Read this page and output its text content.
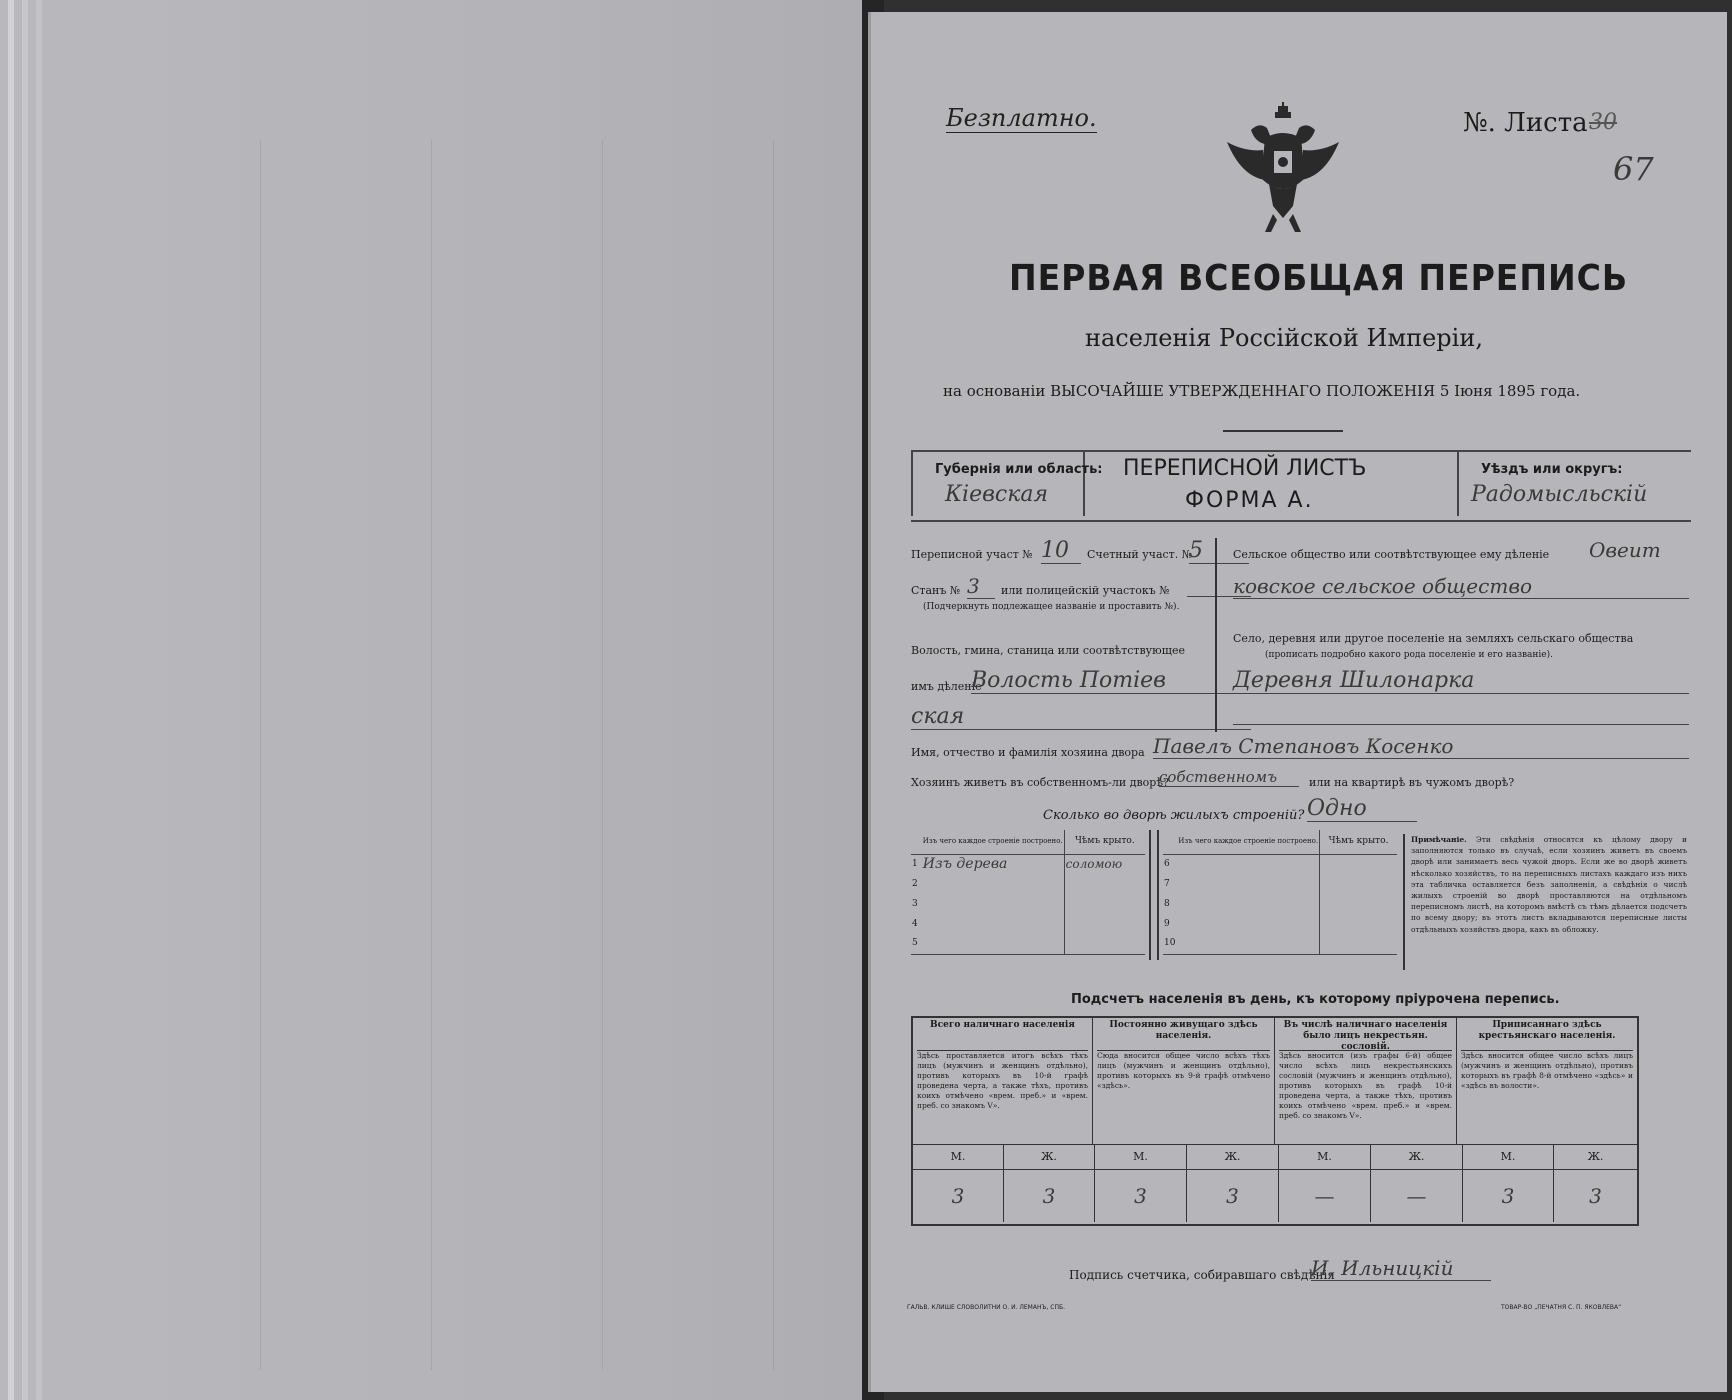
Безплатно.	№. Листа 30
67
ПЕРВАЯ ВСЕОБЩАЯ ПЕРЕПИСЬ
населенія Россійской Имперіи,
на основаніи ВЫСОЧАЙШЕ УТВЕРЖДЕННАГО ПОЛОЖЕНІЯ 5 Іюня 1895 года.
Губернія или область:
Кіевская
ПЕРЕПИСНОЙ ЛИСТЪ
ФОРМА А.
Уѣздъ или округъ:
Радомысльскій
Переписной участ № 10	Счетный участ. №
5
Станъ № 3	или полицейскій участокъ №
(Подчеркнуть подлежащее названіе и проставить №).
Волость, гмина, станица или соотвѣтствующее
имъ дѣленіе
Волость Потіев
ская
Сельское общество или соотвѣтствующее ему дѣленіе Овеит
ковское сельское общество
Село, деревня или другое поселеніе на земляхъ сельскаго общества
(прописать подробно какого рода поселеніе и его названіе).
Деревня Шилонарка
Имя, отчество и фамилія хозяина двора Павелъ Степановъ Косенко
Хозяинъ живетъ въ собственномъ-ли дворѣ?
собственномъ	или на квартирѣ въ чужомъ дворѣ?
Сколько во дворѣ жилыхъ строеній? Одно
	Изъ чего каждое строеніе построено.	Чѣмъ крыто.
1	Изъ дерева	соломою
2		
3		
4		
5		
	Изъ чего каждое строеніе построено.	Чѣмъ крыто.
6		
7		
8		
9		
10		
Примѣчаніе. Эти свѣдѣнія относятся къ цѣлому двору и заполняются только въ случаѣ, если хозяинъ живетъ въ своемъ дворѣ или занимаетъ весь чужой дворъ. Если же во дворѣ живетъ нѣсколько хозяйствъ, то на переписныхъ листахъ каждаго изъ нихъ эта табличка оставляется безъ заполненія, а свѣдѣнія о числѣ жилыхъ строеній во дворѣ проставляются на отдѣльномъ переписномъ листѣ, на которомъ вмѣстѣ съ тѣмъ дѣлается подсчетъ по всему двору; въ этотъ листъ вкладываются переписные листы отдѣльныхъ хозяйствъ двора, какъ въ обложку.
Подсчетъ населенія въ день, къ которому пріурочена перепись.
Всего наличнаго населенія
Здѣсь проставляется итогъ всѣхъ тѣхъ лицъ (мужчинъ и женщинъ отдѣльно), противъ которыхъ въ 10-й графѣ проведена черта, а также тѣхъ, противъ коихъ отмѣчено «врем. преб.» и «врем. преб. со знакомъ V».
Постоянно живущаго здѣсь населенія.
Сюда вносится общее число всѣхъ тѣхъ лицъ (мужчинъ и женщинъ отдѣльно), противъ которыхъ въ 9-й графѣ отмѣчено «здѣсь».
Въ числѣ наличнаго населенія было лицъ некрестьян. сословій.
Здѣсь вносится (изъ графы 6-й) общее число всѣхъ лицъ некрестьянскихъ сословій (мужчинъ и женщинъ отдѣльно), противъ которыхъ въ графѣ 10-й проведена черта, а также тѣхъ, противъ коихъ отмѣчено «врем. преб.» и «врем. преб. со знакомъ V».
Приписаннаго здѣсь крестьянскаго населенія.
Здѣсь вносится общее число всѣхъ лицъ (мужчинъ и женщинъ отдѣльно), противъ которыхъ въ графѣ 8-й отмѣчено «здѣсь» и «здѣсь въ волости».
М.	Ж.	М.	Ж.	М.	Ж.	М.	Ж.
3	3	3	3	—	—	3	3
Подпись счетчика, собиравшаго свѣдѣнія
И. Ильницкій
ГАЛЬВ. КЛИШЕ СЛОВОЛИТНИ О. И. ЛЕМАНЪ, СПБ.	ТОВАР-ВО „ПЕЧАТНЯ С. П. ЯКОВЛЕВА“
